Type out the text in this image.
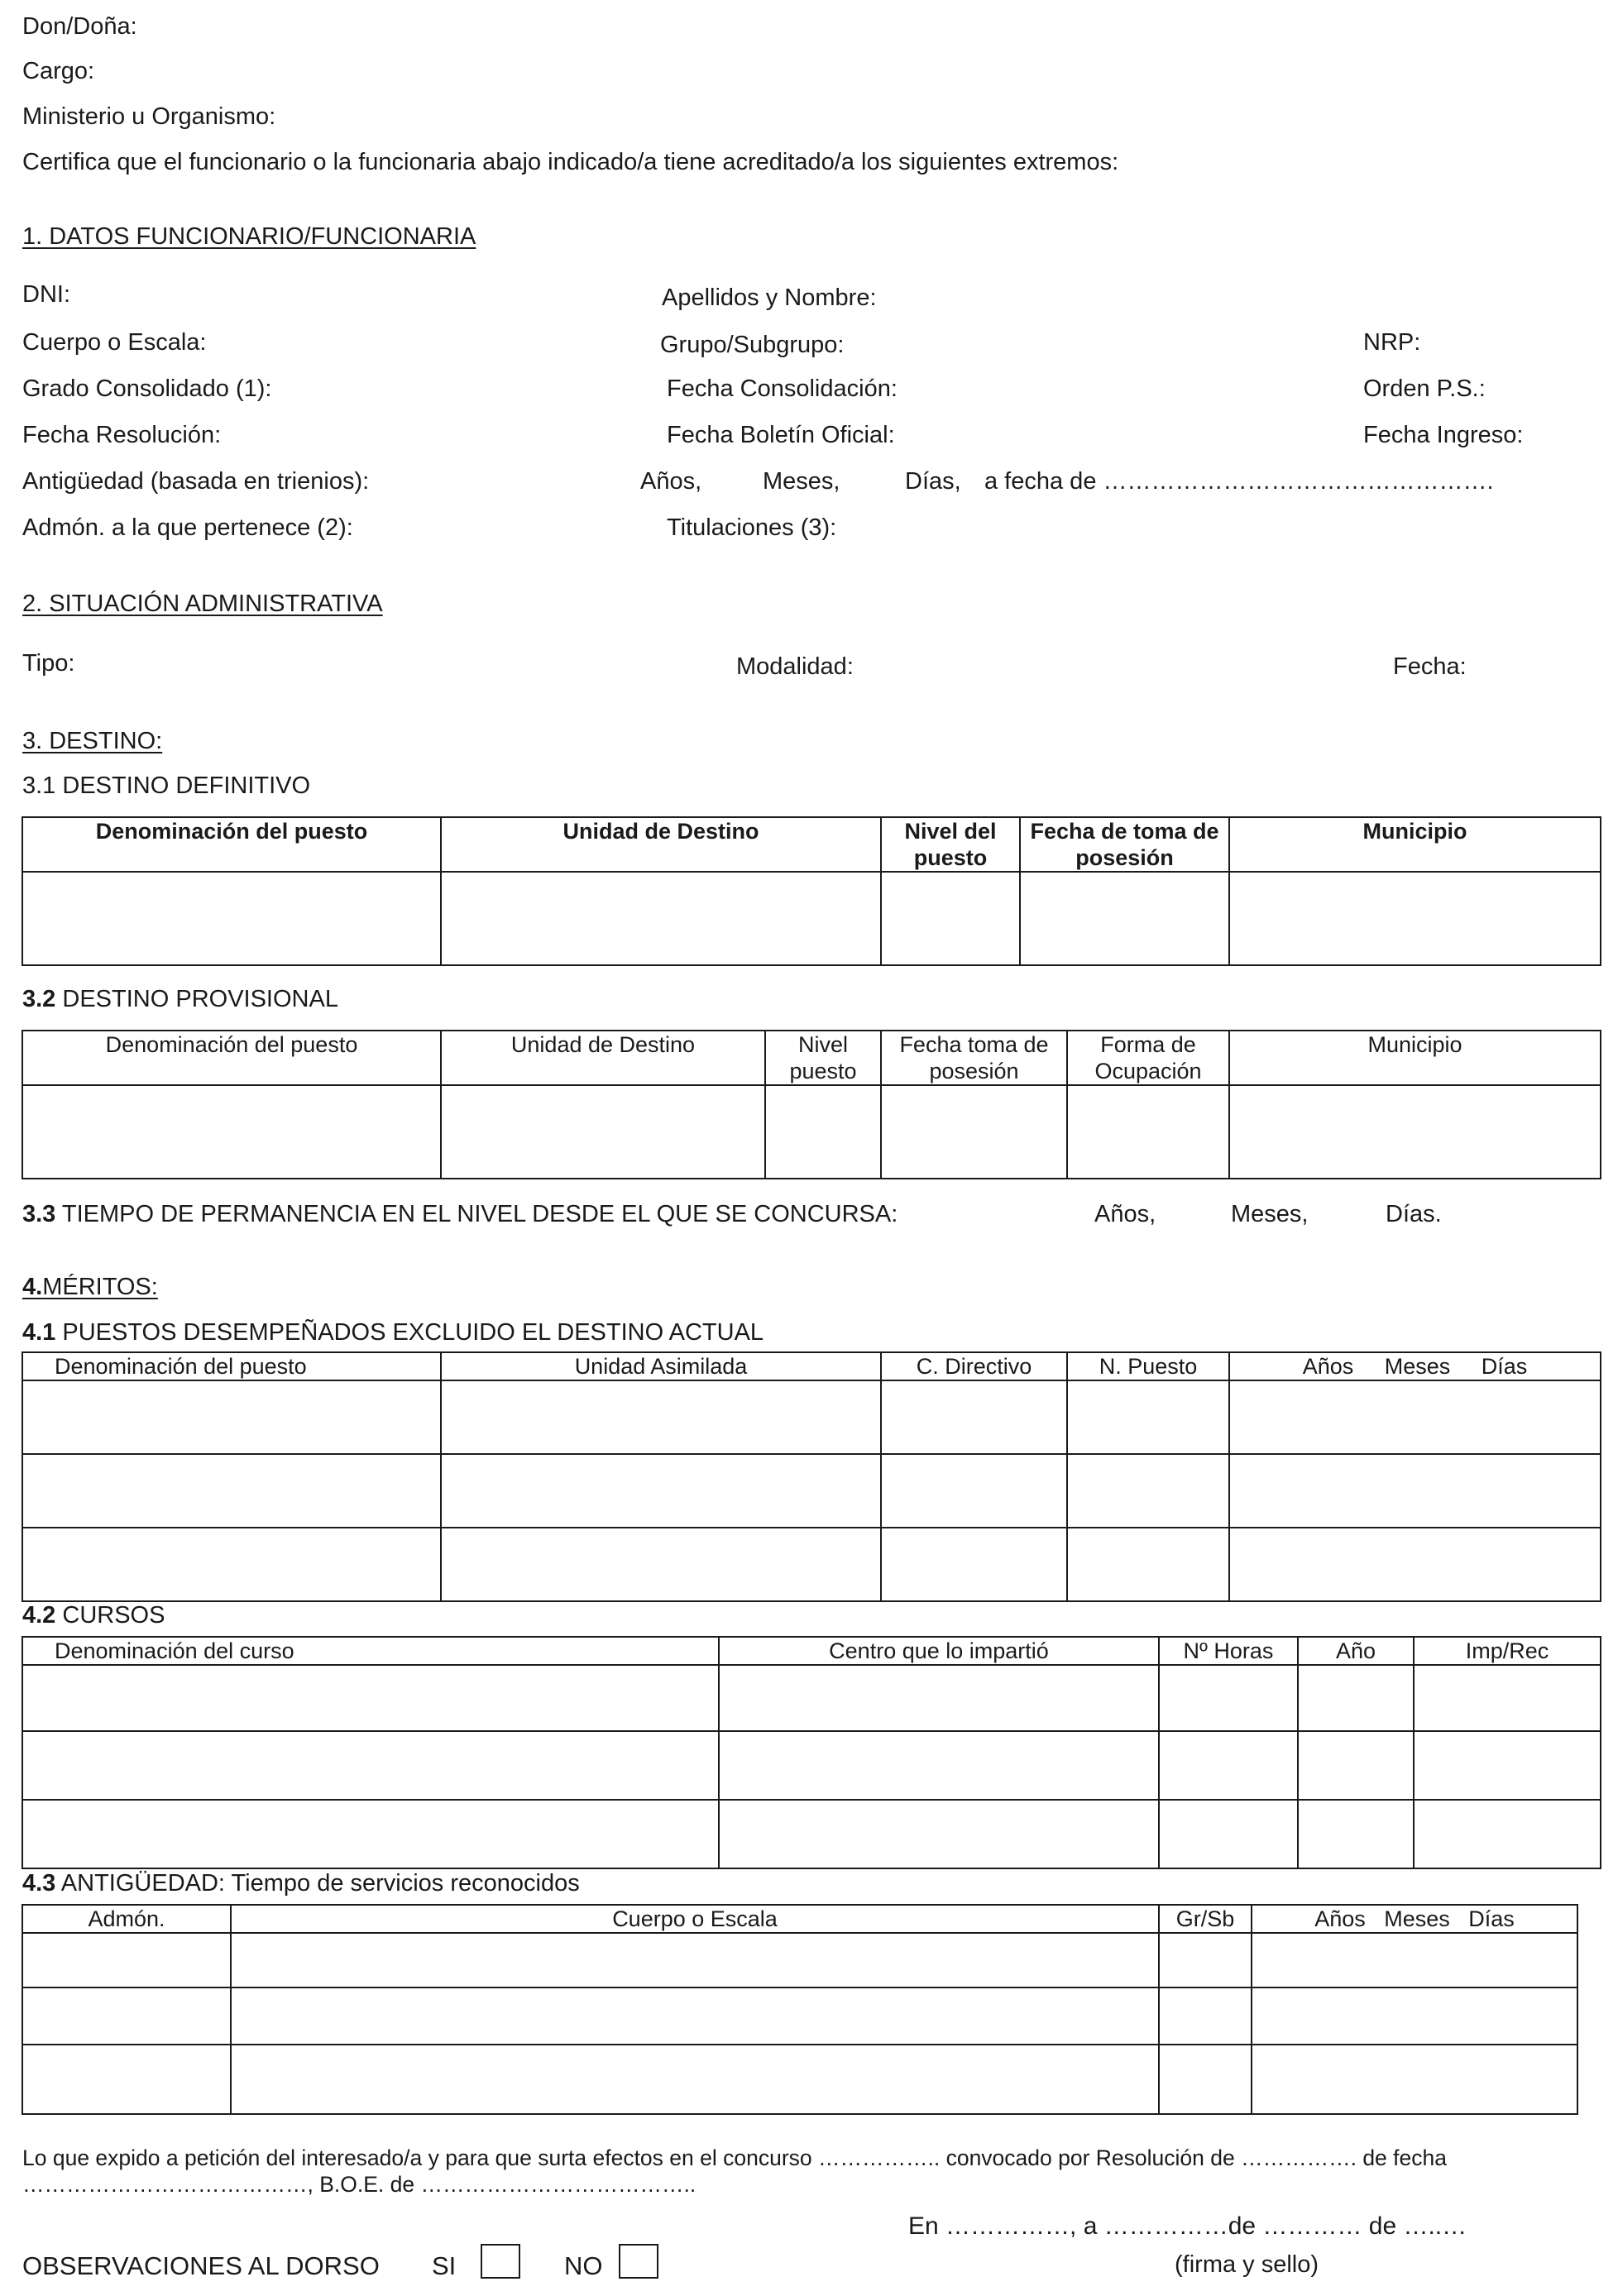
Don/Doña:
Cargo:
Ministerio u Organismo:
Certifica que el funcionario o la funcionaria abajo indicado/a tiene acreditado/a los siguientes extremos:
1. DATOS FUNCIONARIO/FUNCIONARIA
DNI:	Apellidos y Nombre:
Cuerpo o Escala:	Grupo/Subgrupo:	NRP:
Grado Consolidado (1):	Fecha Consolidación:	Orden P.S.:
Fecha Resolución:	Fecha Boletín Oficial:	Fecha Ingreso:
Antigüedad (basada en trienios):	Años,	Meses,	Días, a fecha de ………………………………………….
Admón. a la que pertenece (2):	Titulaciones (3):
2. SITUACIÓN ADMINISTRATIVA
Tipo:	Modalidad:	Fecha:
3. DESTINO:
3.1 DESTINO DEFINITIVO
Denominación del puesto	Unidad de Destino	Nivel del puesto	Fecha de toma de posesión	Municipio

3.2 DESTINO PROVISIONAL
Denominación del puesto	Unidad de Destino	Nivel puesto	Fecha toma de posesión	Forma de Ocupación	Municipio

3.3 TIEMPO DE PERMANENCIA EN EL NIVEL DESDE EL QUE SE CONCURSA:	Años,	Meses,	Días.
4.MÉRITOS:
4.1 PUESTOS DESEMPEÑADOS EXCLUIDO EL DESTINO ACTUAL
Denominación del puesto	Unidad Asimilada	C. Directivo	N. Puesto	Años     Meses     Días

4.2 CURSOS
Denominación del curso	Centro que lo impartió	Nº Horas	Año	Imp/Rec

4.3 ANTIGÜEDAD: Tiempo de servicios reconocidos
Admón.	Cuerpo o Escala	Gr/Sb	Años   Meses   Días

Lo que expido a petición del interesado/a y para que surta efectos en el concurso …………….. convocado por Resolución de ……………. de fecha
…………………………………, B.O.E. de ………………………………..
En ……………, a ……………de ………… de …..…
(firma y sello)
OBSERVACIONES AL DORSO SI	NO
